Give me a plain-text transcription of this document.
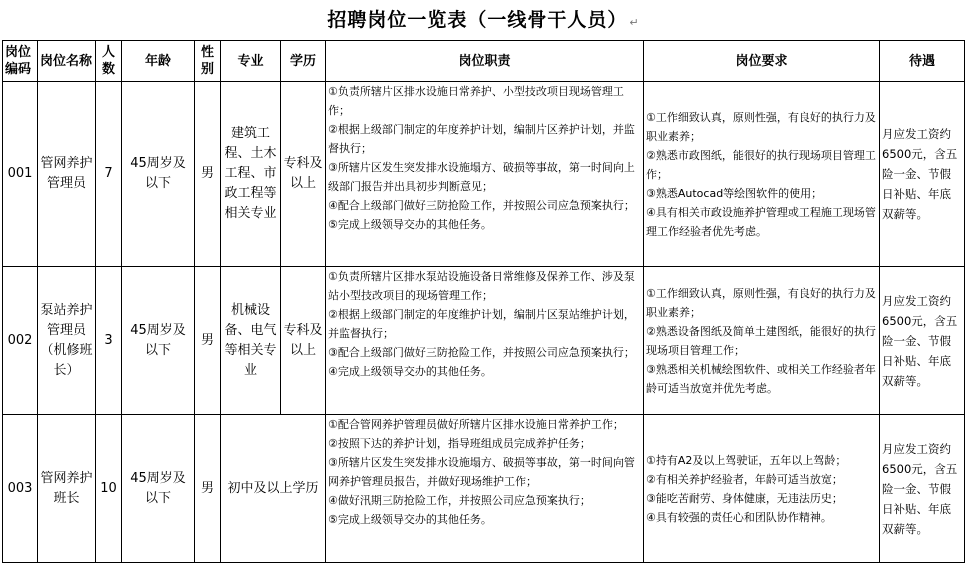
招聘岗位一览表（一线骨干人员） ↵
岗位编码	岗位名称	人数	年龄	性别	专业	学历	岗位职责	岗位要求	待遇
001	管网养护管理员	7	45周岁及以下	男	建筑工程、土木工程、市政工程等相关专业	专科及以上	①负责所辖片区排水设施日常养护、小型技改项目现场管理工作；
②根据上级部门制定的年度养护计划，编制片区养护计划，并监督执行；
③所辖片区发生突发排水设施塌方、破损等事故，第一时间向上级部门报告并出具初步判断意见；
④配合上级部门做好三防抢险工作，并按照公司应急预案执行；
⑤完成上级领导交办的其他任务。	①工作细致认真，原则性强，有良好的执行力及职业素养；
②熟悉市政图纸，能很好的执行现场项目管理工作；
③熟悉Autocad等绘图软件的使用；
④具有相关市政设施养护管理或工程施工现场管理工作经验者优先考虑。	月应发工资约6500元，含五险一金、节假日补贴、年底双薪等。
002	泵站养护管理员（机修班长）	3	45周岁及以下	男	机械设备、电气等相关专业	专科及以上	①负责所辖片区排水泵站设施设备日常维修及保养工作、涉及泵站小型技改项目的现场管理工作；
②根据上级部门制定的年度维护计划，编制片区泵站维护计划，并监督执行；
③配合上级部门做好三防抢险工作，并按照公司应急预案执行；
④完成上级领导交办的其他任务。	①工作细致认真，原则性强，有良好的执行力及职业素养；
②熟悉设备图纸及简单土建图纸，能很好的执行现场项目管理工作；
③熟悉相关机械绘图软件、或相关工作经验者年龄可适当放宽并优先考虑。	月应发工资约6500元，含五险一金、节假日补贴、年底双薪等。
003	管网养护班长	10	45周岁及以下	男	初中及以上学历		①配合管网养护管理员做好所辖片区排水设施日常养护工作；
②按照下达的养护计划，指导班组成员完成养护任务；
③所辖片区发生突发排水设施塌方、破损等事故，第一时间向管网养护管理员报告，并做好现场维护工作；
④做好汛期三防抢险工作，并按照公司应急预案执行；
⑤完成上级领导交办的其他任务。	①持有A2及以上驾驶证，五年以上驾龄；
②有相关养护经验者，年龄可适当放宽；
③能吃苦耐劳、身体健康，无违法历史；
④具有较强的责任心和团队协作精神。	月应发工资约6500元，含五险一金、节假日补贴、年底双薪等。
